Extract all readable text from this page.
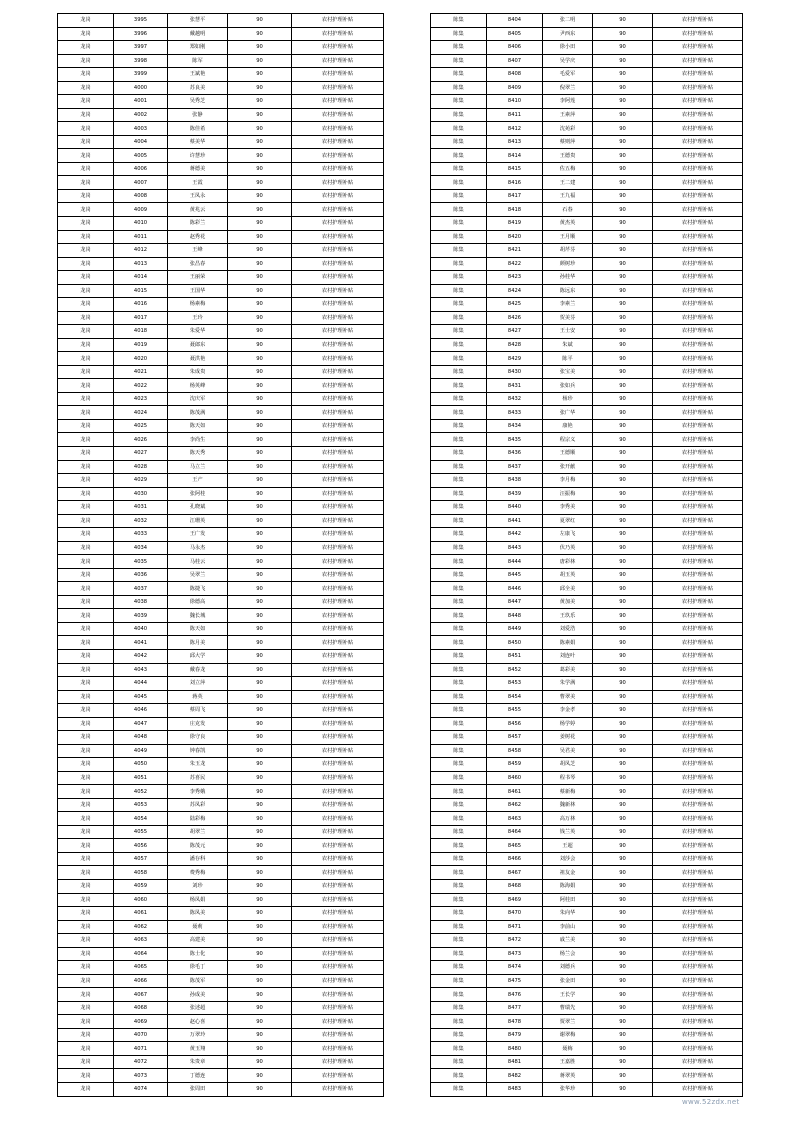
龙岗	3995	张慧平	90	农村护理补贴
龙岗	3996	戴越明	90	农村护理补贴
龙岗	3997	郑如刚	90	农村护理补贴
龙岗	3998	陈军	90	农村护理补贴
龙岗	3999	王斌艳	90	农村护理补贴
龙岗	4000	苏良美	90	农村护理补贴
龙岗	4001	吴秀芝	90	农村护理补贴
龙岗	4002	张静	90	农村护理补贴
龙岗	4003	陈佳希	90	农村护理补贴
龙岗	4004	蔡美华	90	农村护理补贴
龙岗	4005	许慧珍	90	农村护理补贴
龙岗	4006	蒋德美	90	农村护理补贴
龙岗	4007	王霞	90	农村护理补贴
龙岗	4008	王凤永	90	农村护理补贴
龙岗	4009	黄兆云	90	农村护理补贴
龙岗	4010	陈彩兰	90	农村护理补贴
龙岗	4011	赵秀花	90	农村护理补贴
龙岗	4012	王峰	90	农村护理补贴
龙岗	4013	张昌春	90	农村护理补贴
龙岗	4014	王丽荣	90	农村护理补贴
龙岗	4015	王国华	90	农村护理补贴
龙岗	4016	杨素梅	90	农村护理补贴
龙岗	4017	王玲	90	农村护理补贴
龙岗	4018	朱爱华	90	农村护理补贴
龙岗	4019	聂郎东	90	农村护理补贴
龙岗	4020	聂洪艳	90	农村护理补贴
龙岗	4021	朱成贵	90	农村护理补贴
龙岗	4022	杨英峰	90	农村护理补贴
龙岗	4023	沈庆军	90	农村护理补贴
龙岗	4024	陈茂满	90	农村护理补贴
龙岗	4025	陈天如	90	农村护理补贴
龙岗	4026	李尚生	90	农村护理补贴
龙岗	4027	陈天秀	90	农村护理补贴
龙岗	4028	马立兰	90	农村护理补贴
龙岗	4029	王产	90	农村护理补贴
龙岗	4030	张阿桂	90	农村护理补贴
龙岗	4031	孔晓斌	90	农村护理补贴
龙岗	4032	江珊英	90	农村护理补贴
龙岗	4033	王广发	90	农村护理补贴
龙岗	4034	马永杰	90	农村护理补贴
龙岗	4035	马桂云	90	农村护理补贴
龙岗	4036	吴翠兰	90	农村护理补贴
龙岗	4037	陈捷飞	90	农村护理补贴
龙岗	4038	徐德高	90	农村护理补贴
龙岗	4039	魏长城	90	农村护理补贴
龙岗	4040	陈天如	90	农村护理补贴
龙岗	4041	陈月美	90	农村护理补贴
龙岗	4042	邱大学	90	农村护理补贴
龙岗	4043	戴春龙	90	农村护理补贴
龙岗	4044	刘立萍	90	农村护理补贴
龙岗	4045	蒋英	90	农村护理补贴
龙岗	4046	蔡周飞	90	农村护理补贴
龙岗	4047	庄克发	90	农村护理补贴
龙岗	4048	徐守良	90	农村护理补贴
龙岗	4049	钟春凯	90	农村护理补贴
龙岗	4050	朱玉龙	90	农村护理补贴
龙岗	4051	苏喜民	90	农村护理补贴
龙岗	4052	李秀娥	90	农村护理补贴
龙岗	4053	苏凤彩	90	农村护理补贴
龙岗	4054	陆彩梅	90	农村护理补贴
龙岗	4055	胡翠兰	90	农村护理补贴
龙岗	4056	陈茂元	90	农村护理补贴
龙岗	4057	潘存科	90	农村护理补贴
龙岗	4058	费秀梅	90	农村护理补贴
龙岗	4059	刘珍	90	农村护理补贴
龙岗	4060	杨凤娟	90	农村护理补贴
龙岗	4061	陈凤美	90	农村护理补贴
龙岗	4062	聂莉	90	农村护理补贴
龙岗	4063	高建美	90	农村护理补贴
龙岗	4064	陈士化	90	农村护理补贴
龙岗	4065	徐毛丁	90	农村护理补贴
龙岗	4066	陈茂军	90	农村护理补贴
龙岗	4067	孙成美	90	农村护理补贴
龙岗	4068	张述超	90	农村护理补贴
龙岗	4069	赵心喜	90	农村护理补贴
龙岗	4070	万翠玲	90	农村护理补贴
龙岗	4071	黄玉翔	90	农村护理补贴
龙岗	4072	朱贵章	90	农村护理补贴
龙岗	4073	丁德连	90	农村护理补贴
龙岗	4074	张周田	90	农村护理补贴
陈集	8404	张二明	90	农村护理补贴
陈集	8405	尹西东	90	农村护理补贴
陈集	8406	徐小田	90	农村护理补贴
陈集	8407	吴学庆	90	农村护理补贴
陈集	8408	毛爱军	90	农村护理补贴
陈集	8409	倪翠兰	90	农村护理补贴
陈集	8410	李阿莲	90	农村护理补贴
陈集	8411	王素萍	90	农村护理补贴
陈集	8412	沈苑彩	90	农村护理补贴
陈集	8413	蔡则萍	90	农村护理补贴
陈集	8414	王德贵	90	农村护理补贴
陈集	8415	佐五梅	90	农村护理补贴
陈集	8416	王二建	90	农村护理补贴
陈集	8417	王九福	90	农村护理补贴
陈集	8418	石春	90	农村护理补贴
陈集	8419	黄杰英	90	农村护理补贴
陈集	8420	王月顺	90	农村护理补贴
陈集	8421	胡芹芬	90	农村护理补贴
陈集	8422	颜树珍	90	农村护理补贴
陈集	8423	孙桂华	90	农村护理补贴
陈集	8424	陈远东	90	农村护理补贴
陈集	8425	李素兰	90	农村护理补贴
陈集	8426	贺美芬	90	农村护理补贴
陈集	8427	王士安	90	农村护理补贴
陈集	8428	朱斌	90	农村护理补贴
陈集	8429	陈平	90	农村护理补贴
陈集	8430	张宝美	90	农村护理补贴
陈集	8431	张如兵	90	农村护理补贴
陈集	8432	杨珍	90	农村护理补贴
陈集	8433	张广华	90	农村护理补贴
陈集	8434	康艳	90	农村护理补贴
陈集	8435	程宗义	90	农村护理补贴
陈集	8436	王德顺	90	农村护理补贴
陈集	8437	张开献	90	农村护理补贴
陈集	8438	李月梅	90	农村护理补贴
陈集	8439	汪振梅	90	农村护理补贴
陈集	8440	李秀美	90	农村护理补贴
陈集	8441	夏翠红	90	农村护理补贴
陈集	8442	左康飞	90	农村护理补贴
陈集	8443	伏乃英	90	农村护理补贴
陈集	8444	唐彩林	90	农村护理补贴
陈集	8445	胡玉英	90	农村护理补贴
陈集	8446	邱全美	90	农村护理补贴
陈集	8447	黄加美	90	农村护理补贴
陈集	8448	王玖乐	90	农村护理补贴
陈集	8449	刘爱浩	90	农村护理补贴
陈集	8450	陈素娟	90	农村护理补贴
陈集	8451	刘连叶	90	农村护理补贴
陈集	8452	葛彩美	90	农村护理补贴
陈集	8453	朱学满	90	农村护理补贴
陈集	8454	曹翠美	90	农村护理补贴
陈集	8455	李金孝	90	农村护理补贴
陈集	8456	杨学婷	90	农村护理补贴
陈集	8457	姜树花	90	农村护理补贴
陈集	8458	吴君美	90	农村护理补贴
陈集	8459	胡凤芝	90	农村护理补贴
陈集	8460	程书琴	90	农村护理补贴
陈集	8461	蔡新梅	90	农村护理补贴
陈集	8462	魏新林	90	农村护理补贴
陈集	8463	高万林	90	农村护理补贴
陈集	8464	钱兰英	90	农村护理补贴
陈集	8465	王超	90	农村护理补贴
陈集	8466	刘莎会	90	农村护理补贴
陈集	8467	祖友金	90	农村护理补贴
陈集	8468	陈海娟	90	农村护理补贴
陈集	8469	阿桂田	90	农村护理补贴
陈集	8470	朱向华	90	农村护理补贴
陈集	8471	李前山	90	农村护理补贴
陈集	8472	戚兰美	90	农村护理补贴
陈集	8473	杨兰会	90	农村护理补贴
陈集	8474	刘德兵	90	农村护理补贴
陈集	8475	张金田	90	农村护理补贴
陈集	8476	王长学	90	农村护理补贴
陈集	8477	曹瑞先	90	农村护理补贴
陈集	8478	贾翠兰	90	农村护理补贴
陈集	8479	谢翠梅	90	农村护理补贴
陈集	8480	聂梅	90	农村护理补贴
陈集	8481	王嘉胜	90	农村护理补贴
陈集	8482	蒋翠英	90	农村护理补贴
陈集	8483	张华珍	90	农村护理补贴
www.52zdx.net
